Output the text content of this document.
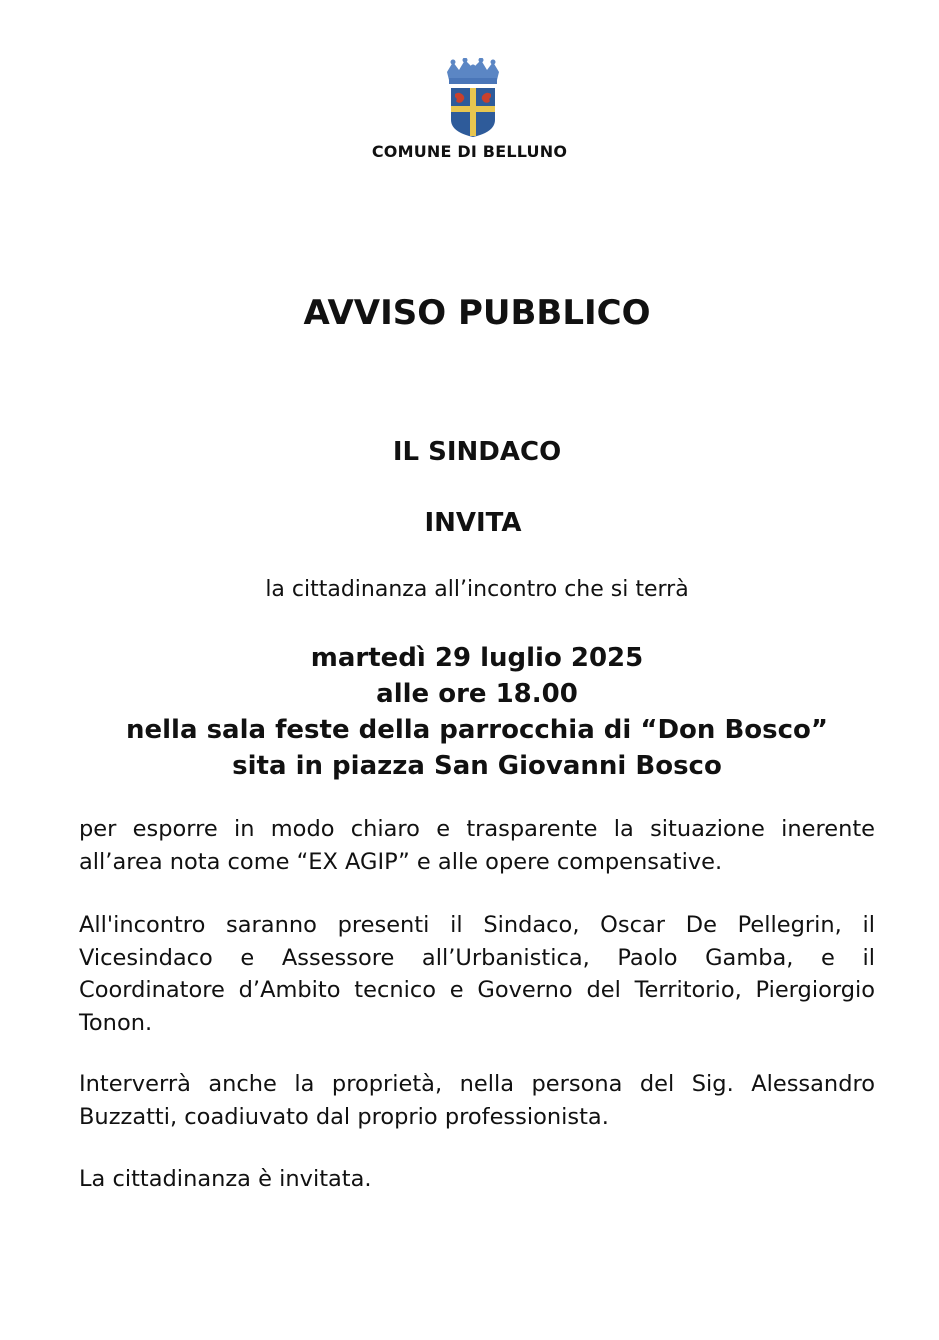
COMUNE DI BELLUNO
AVVISO PUBBLICO
IL SINDACO
INVITA
la cittadinanza all’incontro che si terrà
martedì 29 luglio 2025
alle ore 18.00
nella sala feste della parrocchia di “Don Bosco”
sita in piazza San Giovanni Bosco
per esporre in modo chiaro e trasparente la situazione inerente all’area nota come “EX AGIP” e alle opere compensative.
All'incontro saranno presenti il Sindaco, Oscar De Pellegrin, il Vicesindaco e Assessore all’Urbanistica, Paolo Gamba, e il Coordinatore d’Ambito tecnico e Governo del Territorio, Piergiorgio Tonon.
Interverrà anche la proprietà, nella persona del Sig. Alessandro Buzzatti, coadiuvato dal proprio professionista.
La cittadinanza è invitata.
